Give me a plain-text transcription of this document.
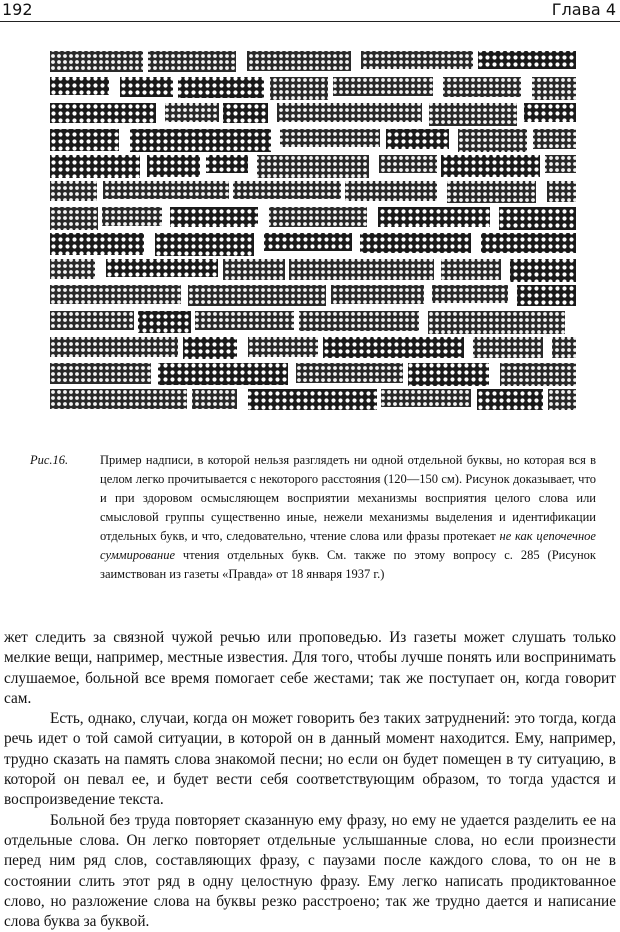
192	Глава 4
Рис.16.	Пример надписи, в которой нельзя разглядеть ни одной отдельной буквы, но которая вся в целом легко прочитывается с некоторого расстояния (120—150 см). Рисунок доказывает, что и при здоровом осмысляющем восприятии механизмы восприятия целого слова или смысловой группы существенно иные, нежели механизмы выделения и идентификации отдельных букв, и что, следовательно, чтение слова или фразы протекает не как цепочечное суммирование чтения отдельных букв. См. также по этому вопросу с. 285 (Рисунок заимствован из газеты «Правда» от 18 января 1937 г.)

жет следить за связной чужой речью или проповедью. Из газеты может слушать только мелкие вещи, например, местные известия. Для того, чтобы лучше понять или воспринимать слушаемое, больной все время помогает себе жестами; так же поступает он, когда говорит сам.

Есть, однако, случаи, когда он может говорить без таких затруднений: это тогда, когда речь идет о той самой ситуации, в которой он в данный момент находится. Ему, например, трудно сказать на память слова знакомой песни; но если он будет помещен в ту ситуацию, в которой он певал ее, и будет вести себя соответствующим образом, то тогда удастся и воспроизведение текста.

Больной без труда повторяет сказанную ему фразу, но ему не удается разделить ее на отдельные слова. Он легко повторяет отдельные услышанные слова, но если произнести перед ним ряд слов, составляющих фразу, с паузами после каждого слова, то он не в состоянии слить этот ряд в одну целостную фразу. Ему легко написать продиктованное слово, но разложение слова на буквы резко расстроено; так же трудно дается и написание слова буква за буквой.
